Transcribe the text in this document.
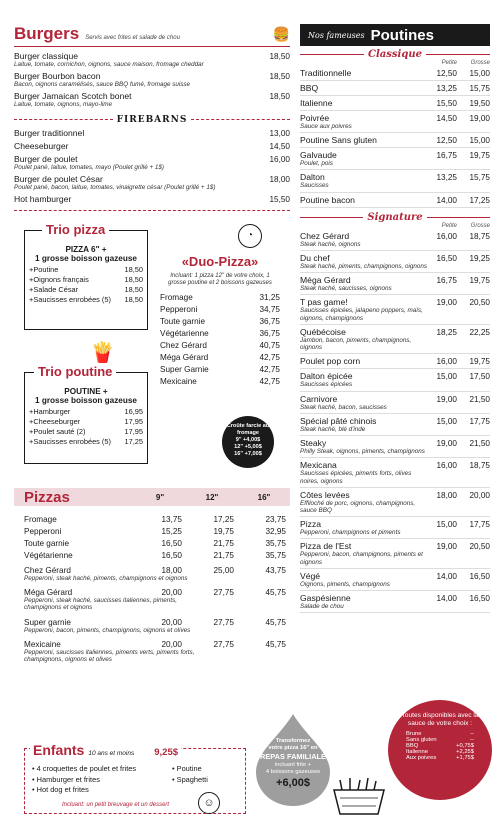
Burgers Servis avec frites et salade de chou	🍔
Burger classique	18,50
Laitue, tomate, cornichon, oignons, sauce maison, fromage cheddar
Burger Bourbon bacon	18,50
Bacon, oignons caramélisés, sauce BBQ fumé, fromage suisse
Burger Jamaican Scotch bonet	18,50
Laitue, tomate, oignons, mayo-lime
FIREBARNS
Burger traditionnel	13,00
Cheeseburger	14,50
Burger de poulet	16,00
Poulet pané, laitue, tomates, mayo (Poulet grillé + 1$)
Burger de poulet César	18,00
Poulet pané, bacon, laitue, tomates, vinaigrette césar (Poulet grillé + 1$)
Hot hamburger	15,50
PIZZA 6" +
1 grosse boisson gazeuse
+Poutine	18,50
+Oignons français	18,50
+Salade César	18,50
+Saucisses enrobées (5) 18,50
Trio pizza
POUTINE +
1 grosse boisson gazeuse
+Hamburger	16,95
+Cheeseburger	17,95
+Poulet sauté (2)	17,95
+Saucisses enrobées (5) 17,25
Trio poutine
◔
🍟
«Duo-Pizza»
Incluant: 1 pizza 12" de votre choix, 1 grosse poutine et 2 boissons gazeuses
Fromage	31,25
Pepperoni	34,75
Toute garnie	36,75
Végétarienne	36,75
Chez Gérard	40,75
Méga Gérard	42,75
Super Garnie	42,75
Mexicaine	42,75
Croûte farcie au fromage
9" +4,00$
12" +5,00$
16" +7,00$
Pizzas	9"	12"	16"
Fromage	13,75	17,25	23,75
Pepperoni	15,25	19,75	32,95
Toute garnie	16,50	21,75	35,75
Végétarienne	16,50	21,75	35,75
Chez Gérard	18,00	25,00	43,75
Pepperoni, steak haché, piments, champignons et oignons
Méga Gérard	20,00	27,75	45,75
Pepperoni, steak haché, saucisses italiennes, piments, champignons et oignons
Super garnie	20,00	27,75	45,75
Pepperoni, bacon, piments, champignons, oignons et olives
Mexicaine	20,00	27,75	45,75
Pepperoni, saucisses italiennes, piments verts, piments forts, champignons, oignons et olives
Enfants 10 ans et moins 9,25$
• 4 croquettes de poulet et frites
• Hamburger et frites
• Hot dog et frites
• Poutine
• Spaghetti
Incluant: un petit breuvage et un dessert	☺
Transformez
votre pizza 16" en
REPAS FAMILIALE
incluant frite +
4 boissons gazeuses
+6,00$
Nos fameuses Poutines
Classique
Petite	Grosse
Traditionnelle	12,50	15,00
BBQ	13,25	15,75
Italienne	15,50	19,50
Poivrée	14,50	19,00
Sauce aux poivres
Poutine Sans gluten	12,50	15,00
Galvaude	16,75	19,75
Poulet, pois
Dalton	13,25	15,75
Saucisses
Poutine bacon	14,00	17,25
Signature
Petite	Grosse
Chez Gérard	16,00	18,75
Steak haché, oignons
Du chef	16,50	19,25
Steak haché, piments, champignons, oignons
Méga Gérard	16,75	19,75
Steak haché, saucisses, oignons
T pas game!	19,00	20,50
Saucisses épicées, jalapeno poppers, maïs, oignons, champignons
Québécoise	18,25	22,25
Jambon, bacon, piments, champignons, oignons
Poulet pop corn	16,00	19,75
Dalton épicée	15,00	17,50
Saucisses épicées
Carnivore	19,00	21,50
Steak haché, bacon, saucisses
Spécial pâté chinois	15,00	17,75
Steak haché, blé d'inde
Steaky	19,00	21,50
Philly Steak, oignons, piments, champignons
Mexicana	16,00	18,75
Saucisses épicées, piments forts, olives noires, oignons
Côtes levées	18,00	20,00
Effiloché de porc, oignons, champignons, sauce BBQ
Pizza	15,00	17,75
Pepperoni, champignons et piments
Pizza de l'Est	19,00	20,50
Pepperoni, bacon, champignons, piments et oignons
Végé	14,00	16,50
Oignons, piments, champignons
Gaspésienne	14,00	16,50
Salade de chou
Toutes disponibles avec la sauce de votre choix :
Brune	--
Sans gluten	--
BBQ	+0,75$
Italienne	+2,25$
Aux poivres	+1,75$
